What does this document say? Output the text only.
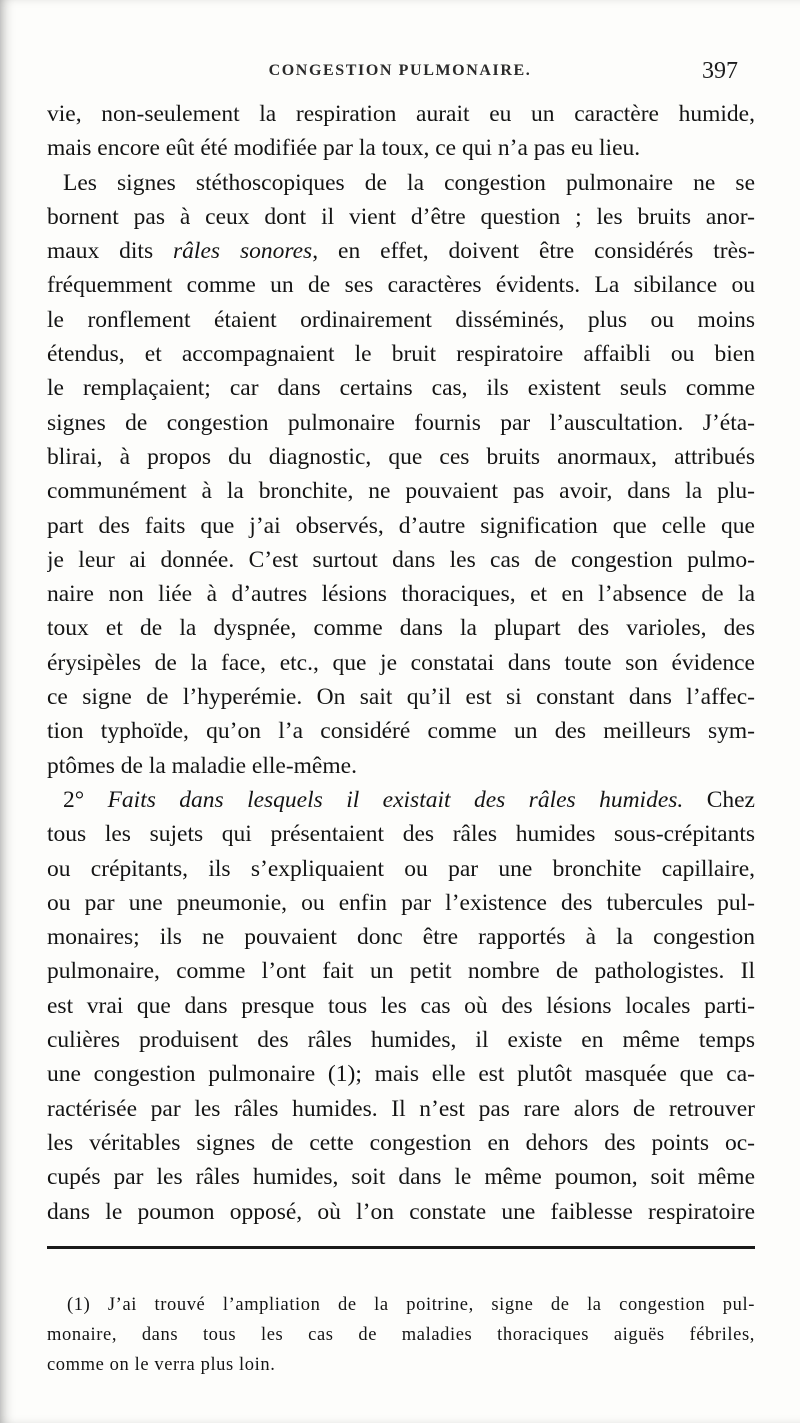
CONGESTION PULMONAIRE.	397
vie, non-seulement la respiration aurait eu un caractère humide,
mais encore eût été modifiée par la toux, ce qui n’a pas eu lieu.
Les signes stéthoscopiques de la congestion pulmonaire ne se
bornent pas à ceux dont il vient d’être question ; les bruits anor-
maux dits râles sonores, en effet, doivent être considérés très-
fréquemment comme un de ses caractères évidents. La sibilance ou
le ronflement étaient ordinairement disséminés, plus ou moins
étendus, et accompagnaient le bruit respiratoire affaibli ou bien
le remplaçaient; car dans certains cas, ils existent seuls comme
signes de congestion pulmonaire fournis par l’auscultation. J’éta-
blirai, à propos du diagnostic, que ces bruits anormaux, attribués
communément à la bronchite, ne pouvaient pas avoir, dans la plu-
part des faits que j’ai observés, d’autre signification que celle que
je leur ai donnée. C’est surtout dans les cas de congestion pulmo-
naire non liée à d’autres lésions thoraciques, et en l’absence de la
toux et de la dyspnée, comme dans la plupart des varioles, des
érysipèles de la face, etc., que je constatai dans toute son évidence
ce signe de l’hyperémie. On sait qu’il est si constant dans l’affec-
tion typhoïde, qu’on l’a considéré comme un des meilleurs sym-
ptômes de la maladie elle-même.
2° Faits dans lesquels il existait des râles humides. Chez
tous les sujets qui présentaient des râles humides sous-crépitants
ou crépitants, ils s’expliquaient ou par une bronchite capillaire,
ou par une pneumonie, ou enfin par l’existence des tubercules pul-
monaires; ils ne pouvaient donc être rapportés à la congestion
pulmonaire, comme l’ont fait un petit nombre de pathologistes. Il
est vrai que dans presque tous les cas où des lésions locales parti-
culières produisent des râles humides, il existe en même temps
une congestion pulmonaire (1); mais elle est plutôt masquée que ca-
ractérisée par les râles humides. Il n’est pas rare alors de retrouver
les véritables signes de cette congestion en dehors des points oc-
cupés par les râles humides, soit dans le même poumon, soit même
dans le poumon opposé, où l’on constate une faiblesse respiratoire
(1) J’ai trouvé l’ampliation de la poitrine, signe de la congestion pul-
monaire, dans tous les cas de maladies thoraciques aiguës fébriles,
comme on le verra plus loin.
